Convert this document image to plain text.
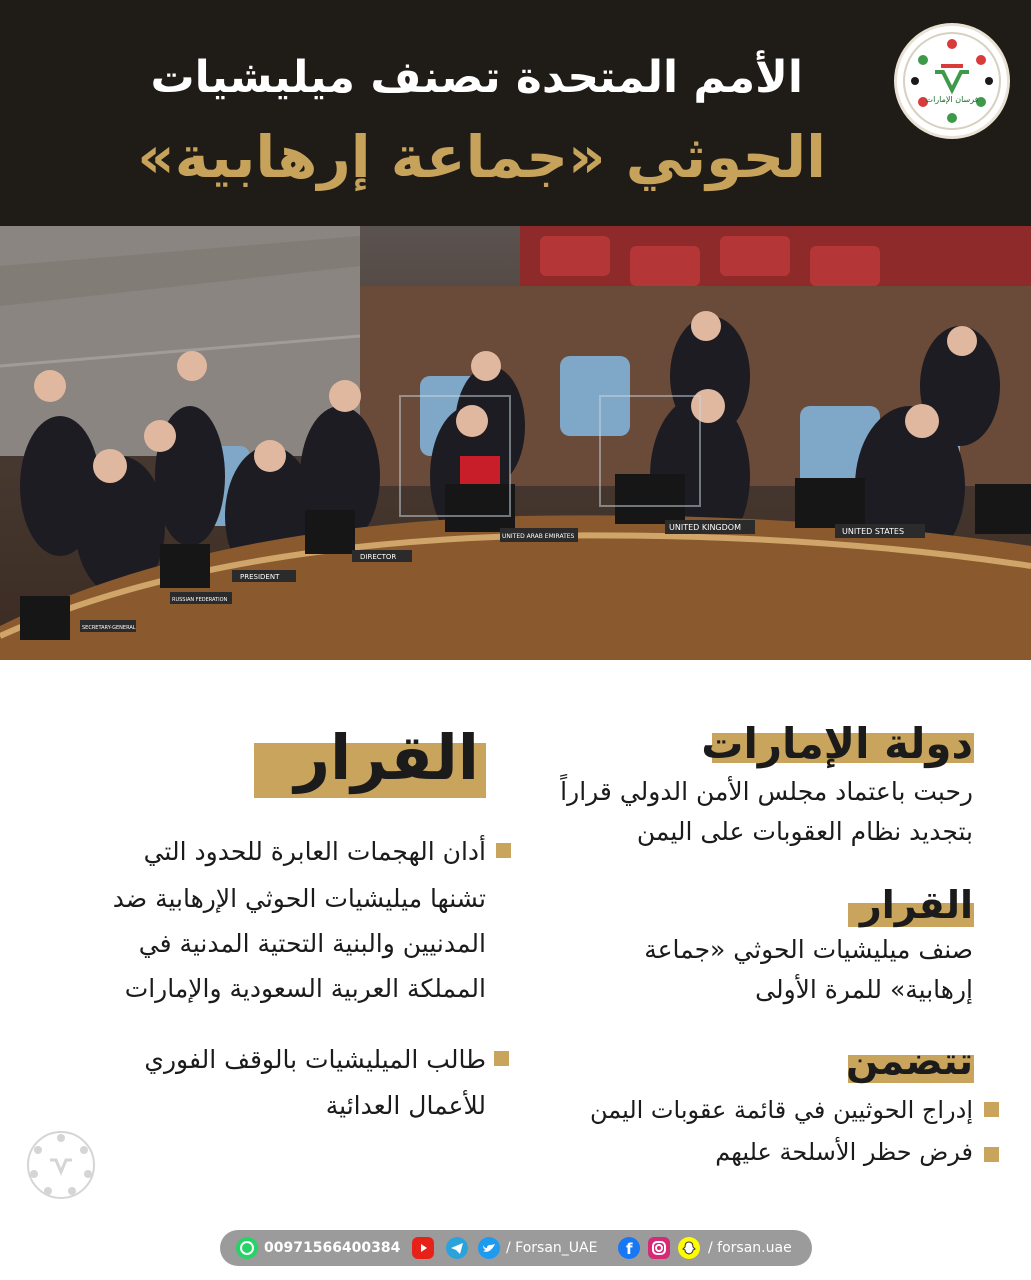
الأمم المتحدة تصنف ميليشيات
الحوثي «جماعة إرهابية»
فرسان الإمارات
UNITED KINGDOM	UNITED STATES
UNITED ARAB EMIRATES
DIRECTOR
PRESIDENT
RUSSIAN FEDERATION
SECRETARY-GENERAL
دولة الإمارات
رحبت باعتماد مجلس الأمن الدولي قراراً
بتجديد نظام العقوبات على اليمن
القرار
صنف ميليشيات الحوثي «جماعة
إرهابية» للمرة الأولى
تتضمن
إدراج الحوثيين في قائمة عقوبات اليمن
فرض حظر الأسلحة عليهم
القرار
أدان الهجمات العابرة للحدود التي
تشنها ميليشيات الحوثي الإرهابية ضد
المدنيين والبنية التحتية المدنية في
المملكة العربية السعودية والإمارات
طالب الميليشيات بالوقف الفوري
للأعمال العدائية
00971566400384	/ Forsan_UAE f	/ forsan.uae
